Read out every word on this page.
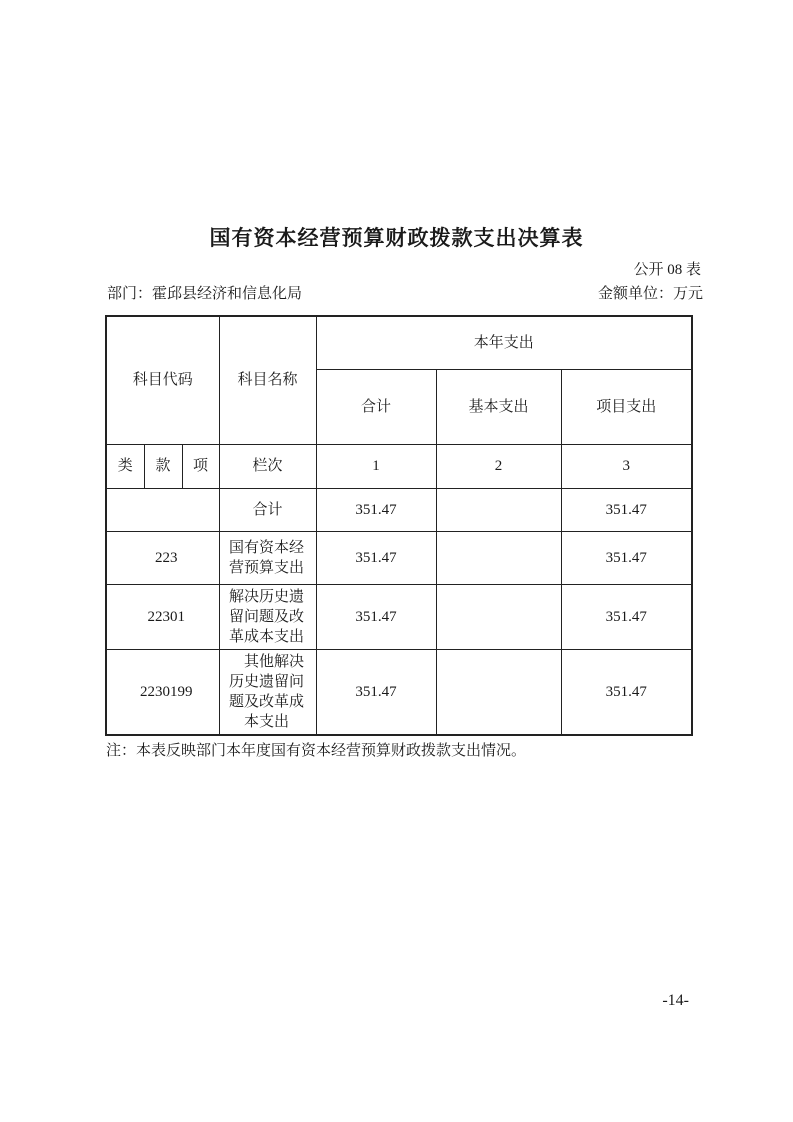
国有资本经营预算财政拨款支出决算表
公开 08 表
部门：霍邱县经济和信息化局	金额单位：万元
科目代码			科目名称	本年支出		
				合计	基本支出	项目支出
类	款	项	栏次	1	2	3
			合计	351.47		351.47
223			国有资本经营预算支出	351.47		351.47
22301			解决历史遗留问题及改革成本支出	351.47		351.47
2230199			　其他解决历史遗留问题及改革成本支出	351.47		351.47
注：本表反映部门本年度国有资本经营预算财政拨款支出情况。
-14-
